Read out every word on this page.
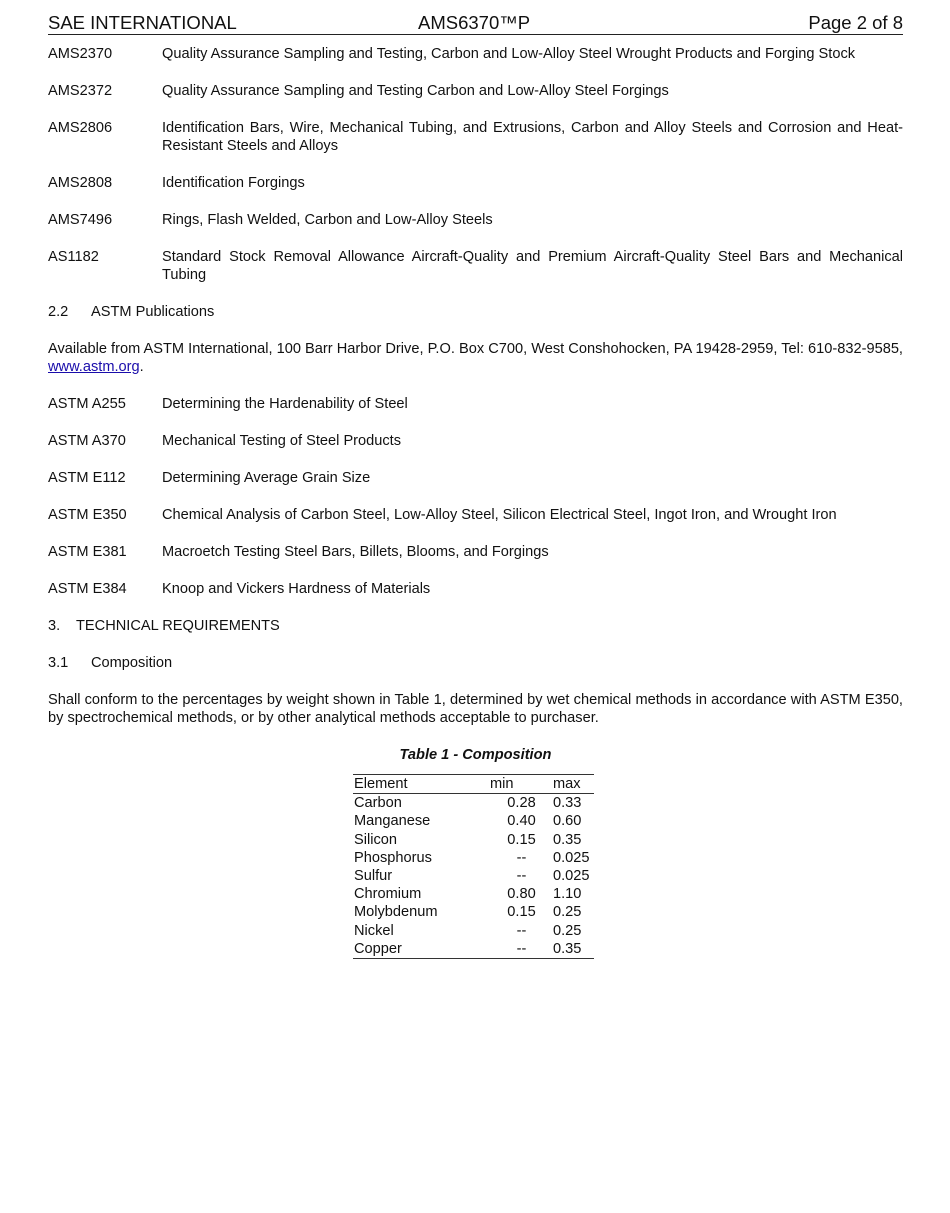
SAE INTERNATIONAL	AMS6370™P	Page 2 of 8
AMS2370	Quality Assurance Sampling and Testing, Carbon and Low-Alloy Steel Wrought Products and Forging Stock
AMS2372	Quality Assurance Sampling and Testing Carbon and Low-Alloy Steel Forgings
AMS2806	Identification Bars, Wire, Mechanical Tubing, and Extrusions, Carbon and Alloy Steels and Corrosion and Heat-Resistant Steels and Alloys
AMS2808	Identification Forgings
AMS7496	Rings, Flash Welded, Carbon and Low-Alloy Steels
AS1182	Standard Stock Removal Allowance Aircraft-Quality and Premium Aircraft-Quality Steel Bars and Mechanical Tubing
2.2 ASTM Publications
Available from ASTM International, 100 Barr Harbor Drive, P.O. Box C700, West Conshohocken, PA 19428-2959, Tel: 610-832-9585, www.astm.org.
ASTM A255	Determining the Hardenability of Steel
ASTM A370	Mechanical Testing of Steel Products
ASTM E112	Determining Average Grain Size
ASTM E350	Chemical Analysis of Carbon Steel, Low-Alloy Steel, Silicon Electrical Steel, Ingot Iron, and Wrought Iron
ASTM E381	Macroetch Testing Steel Bars, Billets, Blooms, and Forgings
ASTM E384	Knoop and Vickers Hardness of Materials
3. TECHNICAL REQUIREMENTS
3.1 Composition
Shall conform to the percentages by weight shown in Table 1, determined by wet chemical methods in accordance with ASTM E350, by spectrochemical methods, or by other analytical methods acceptable to purchaser.
Table 1 - Composition
Element	min	max
Carbon	0.28	0.33
Manganese	0.40	0.60
Silicon	0.15	0.35
Phosphorus	--	0.025
Sulfur	--	0.025
Chromium	0.80	1.10
Molybdenum	0.15	0.25
Nickel	--	0.25
Copper	--	0.35
